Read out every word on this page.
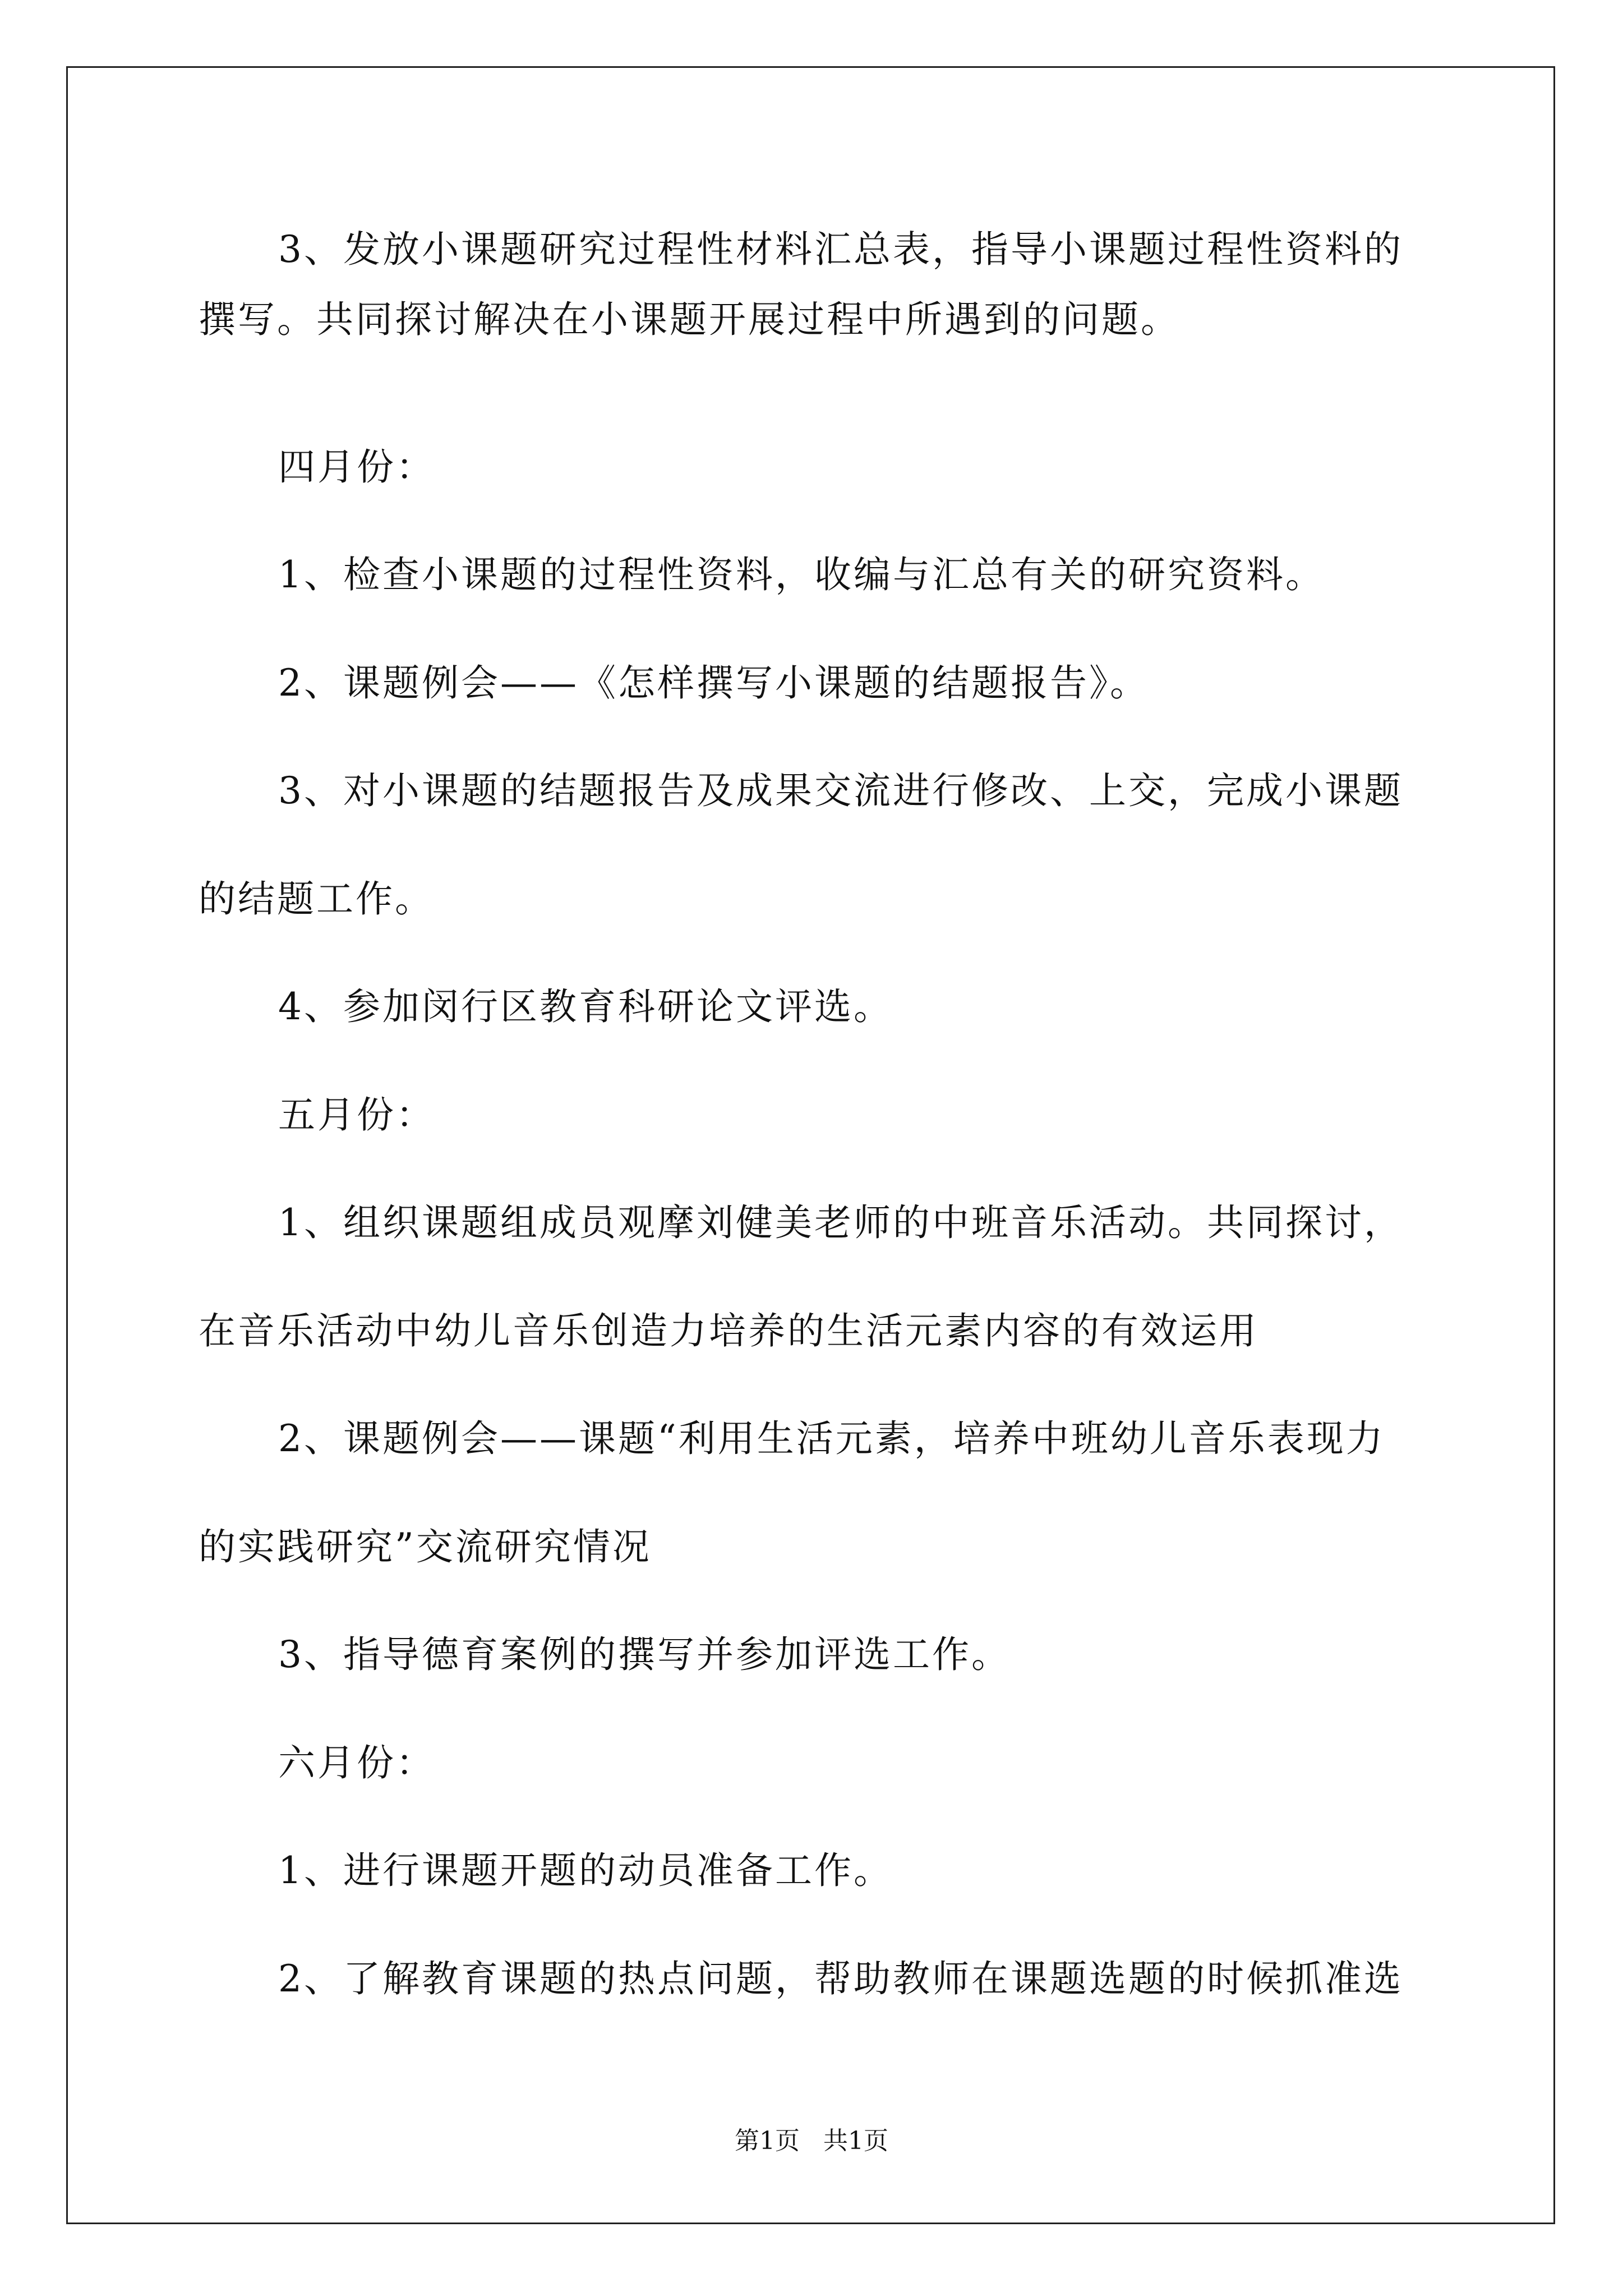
3、发放小课题研究过程性材料汇总表，指导小课题过程性资料的
撰写。共同探讨解决在小课题开展过程中所遇到的问题。
四月份：
1、检查小课题的过程性资料，收编与汇总有关的研究资料。
2、课题例会——《怎样撰写小课题的结题报告》。
3、对小课题的结题报告及成果交流进行修改、上交，完成小课题
的结题工作。
4、参加闵行区教育科研论文评选。
五月份：
1、组织课题组成员观摩刘健美老师的中班音乐活动。共同探讨，
在音乐活动中幼儿音乐创造力培养的生活元素内容的有效运用
2、课题例会——课题“利用生活元素，培养中班幼儿音乐表现力
的实践研究”交流研究情况
3、指导德育案例的撰写并参加评选工作。
六月份：
1、进行课题开题的动员准备工作。
2、了解教育课题的热点问题，帮助教师在课题选题的时候抓准选
第1页   共1页
